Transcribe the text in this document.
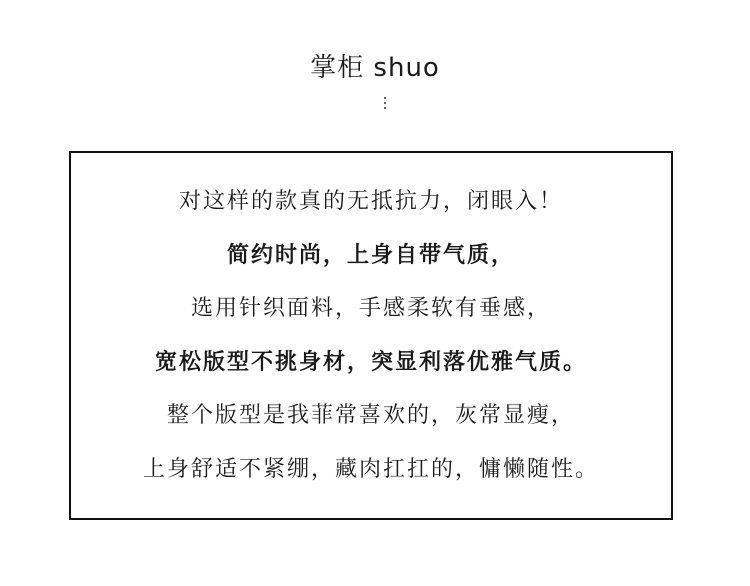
掌柜 shuo
对这样的款真的无抵抗力，闭眼入！
简约时尚，上身自带气质，
选用针织面料，手感柔软有垂感，
宽松版型不挑身材，突显利落优雅气质。
整个版型是我菲常喜欢的，灰常显瘦，
上身舒适不紧绷，藏肉扛扛的，慵懒随性。
